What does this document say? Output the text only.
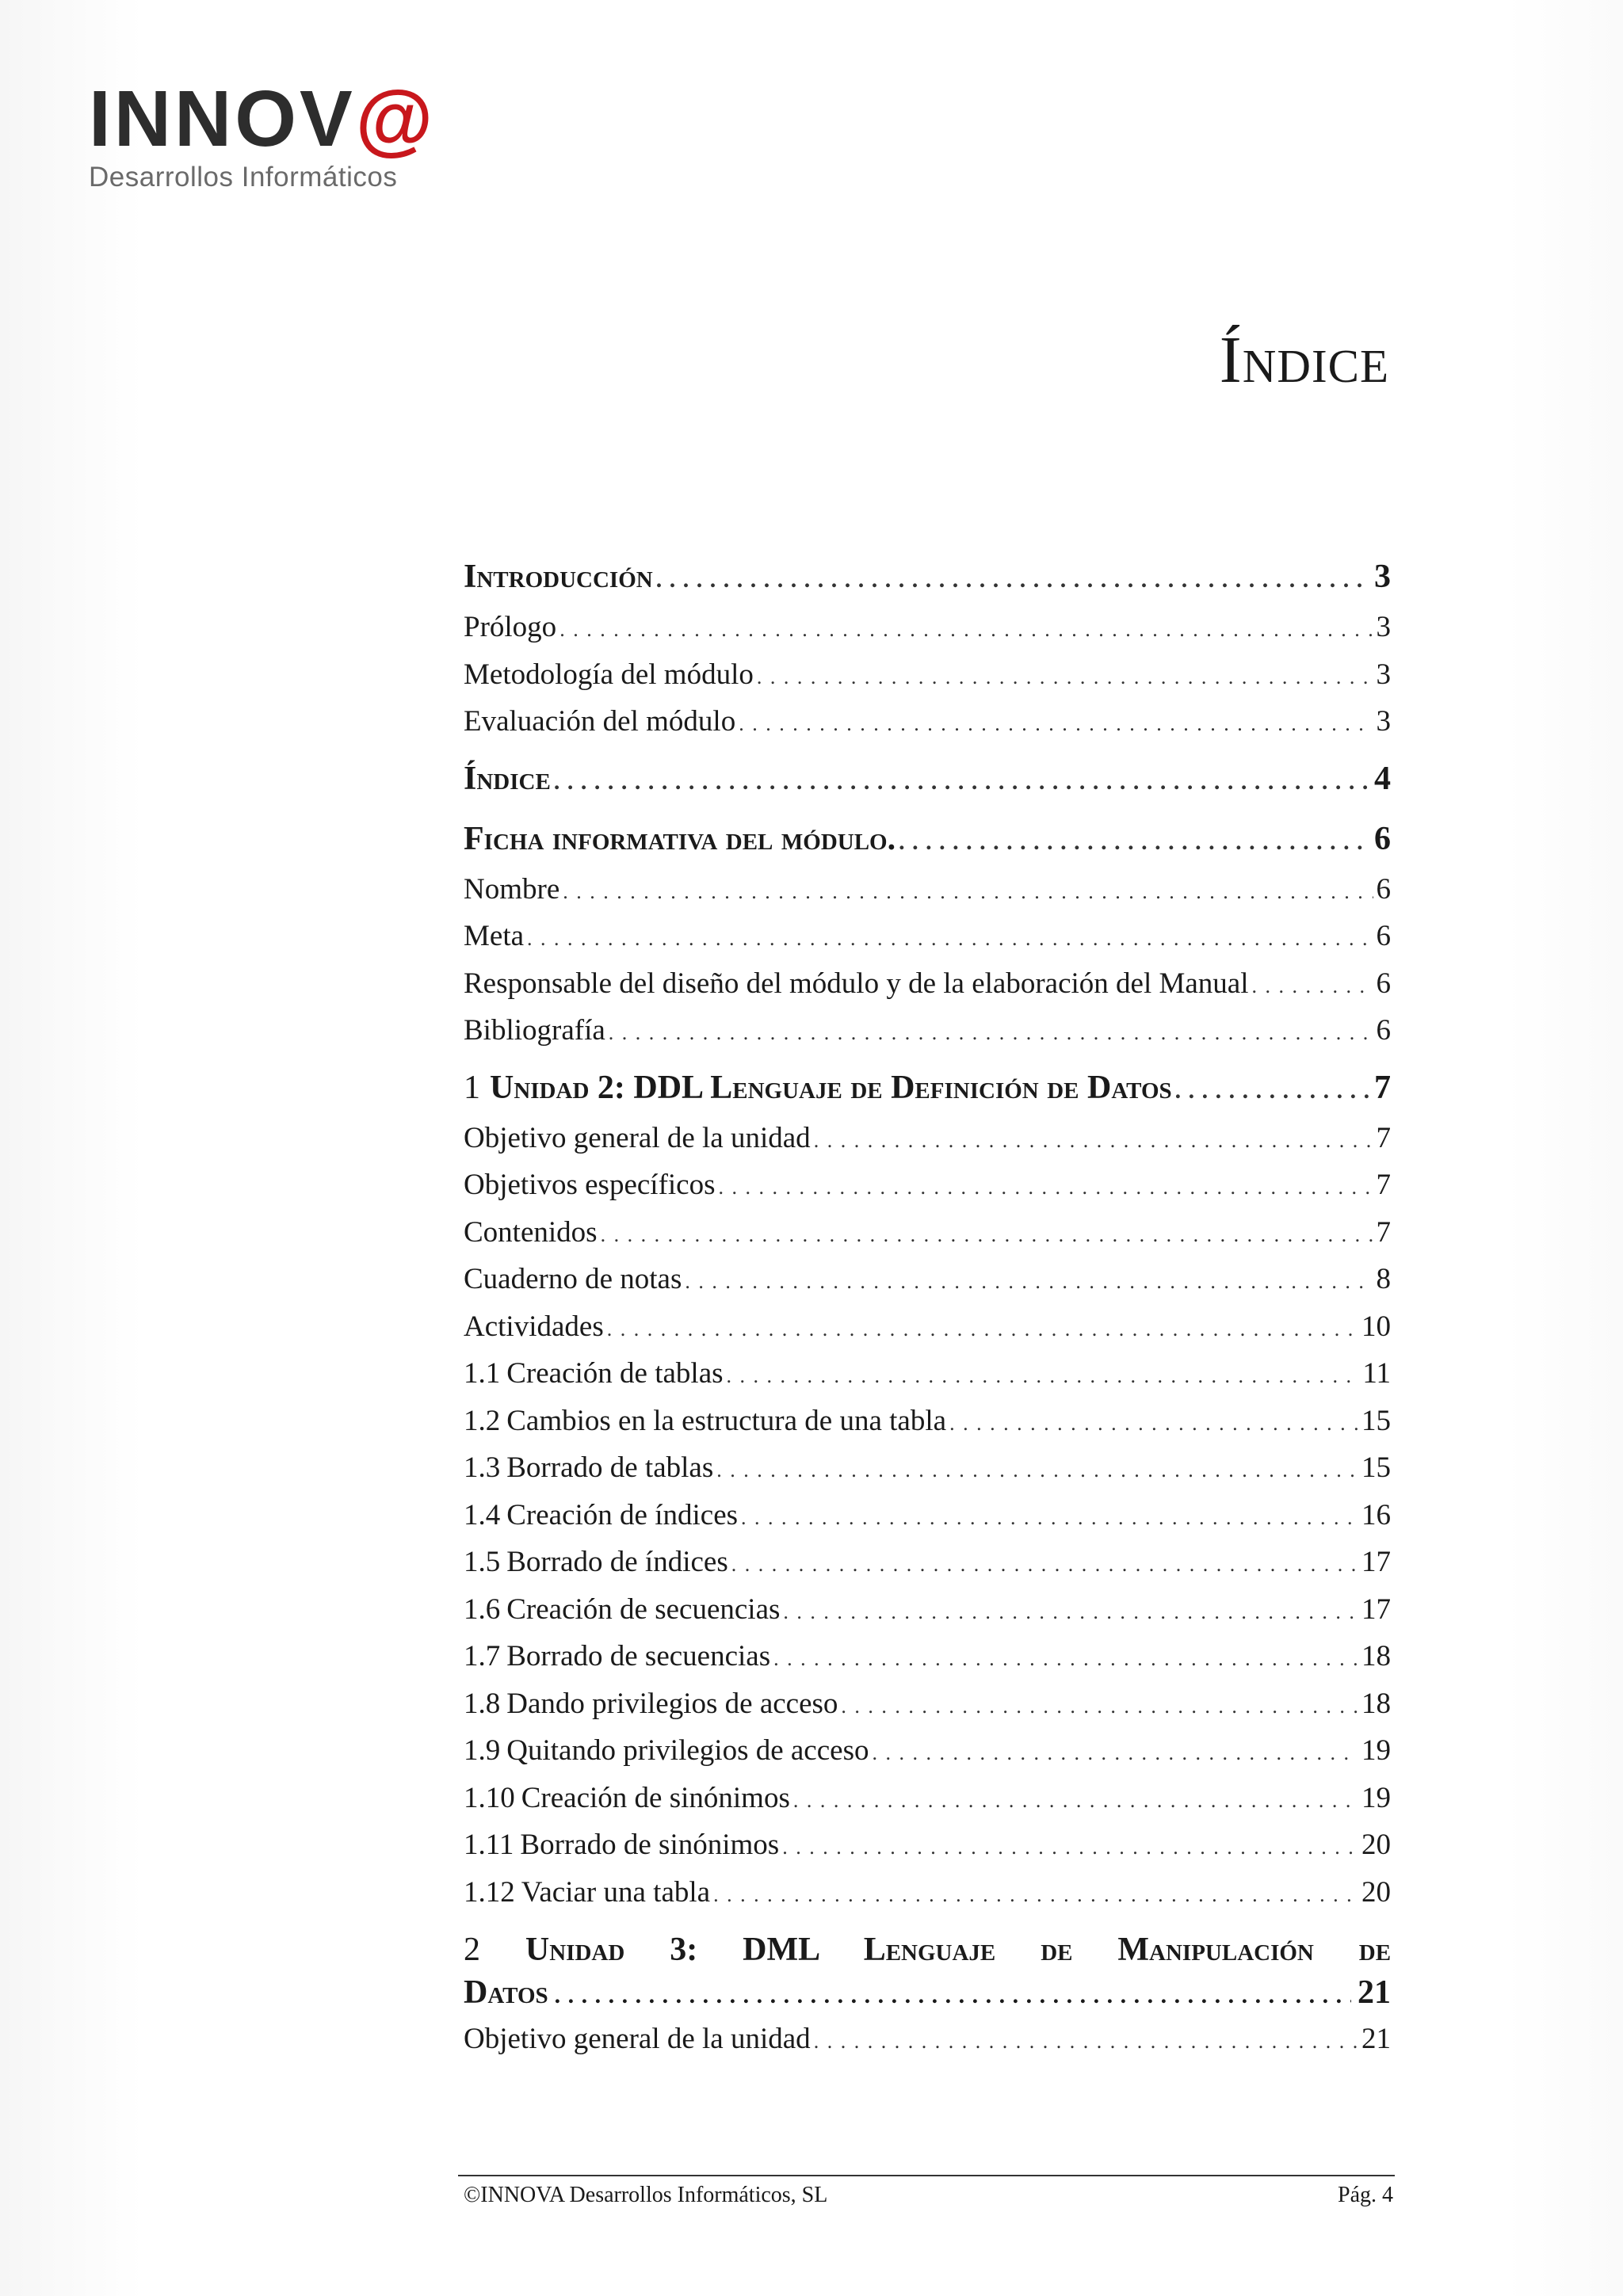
INNOV@
Desarrollos Informáticos
Índice
Introducción . . .	3
Prólogo . . .	3
Metodología del módulo . . .	3
Evaluación del módulo . . .	3
Índice . . .	4
Ficha informativa del módulo. . . .	6
Nombre . . .	6
Meta . . .	6
Responsable del diseño del módulo y de la elaboración del Manual . . .	6
Bibliografía . . .	6
1 Unidad 2: DDL Lenguaje de Definición de Datos . . .	7
Objetivo general de la unidad . . .	7
Objetivos específicos . . .	7
Contenidos . . .	7
Cuaderno de notas . . .	8
Actividades . . .	10
1.1 Creación de tablas . . .	11
1.2 Cambios en la estructura de una tabla . . .	15
1.3 Borrado de tablas . . .	15
1.4 Creación de índices . . .	16
1.5 Borrado de índices . . .	17
1.6 Creación de secuencias . . .	17
1.7 Borrado de secuencias . . .	18
1.8 Dando privilegios de acceso . . .	18
1.9 Quitando privilegios de acceso . . .	19
1.10 Creación de sinónimos . . .	19
1.11 Borrado de sinónimos . . .	20
1.12 Vaciar una tabla . . .	20
2 Unidad 3: DML Lenguaje de Manipulación de
Datos . . .	21
Objetivo general de la unidad . . .	21
©INNOVA Desarrollos Informáticos, SL	Pág. 4
